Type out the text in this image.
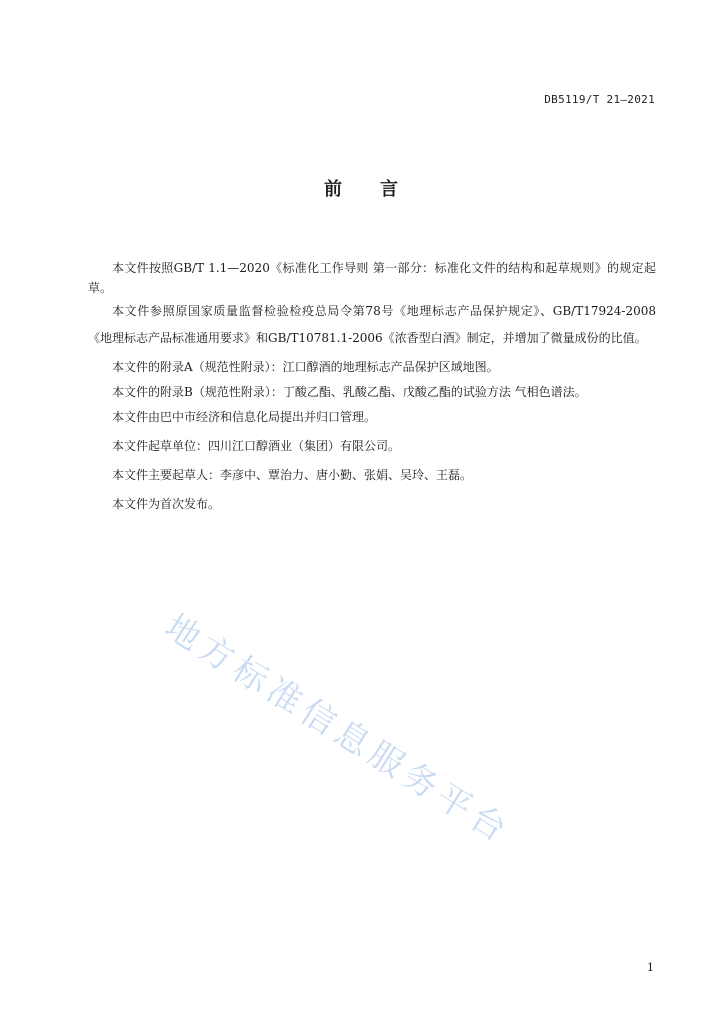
DB5119/T 21—2021
前 言

本文件按照GB/T 1.1—2020《标准化工作导则 第一部分：标准化文件的结构和起草规则》的规定起草。

本文件参照原国家质量监督检验检疫总局令第78号《地理标志产品保护规定》、GB/T17924-2008《地理标志产品标准通用要求》和GB/T10781.1-2006《浓香型白酒》制定，并增加了微量成份的比值。

本文件的附录A（规范性附录）：江口醇酒的地理标志产品保护区域地图。

本文件的附录B（规范性附录）：丁酸乙酯、乳酸乙酯、戊酸乙酯的试验方法 气相色谱法。

本文件由巴中市经济和信息化局提出并归口管理。

本文件起草单位：四川江口醇酒业（集团）有限公司。

本文件主要起草人：李彦中、覃治力、唐小勤、张娟、吴玲、王磊。

本文件为首次发布。

地方标准信息服务平台
1
